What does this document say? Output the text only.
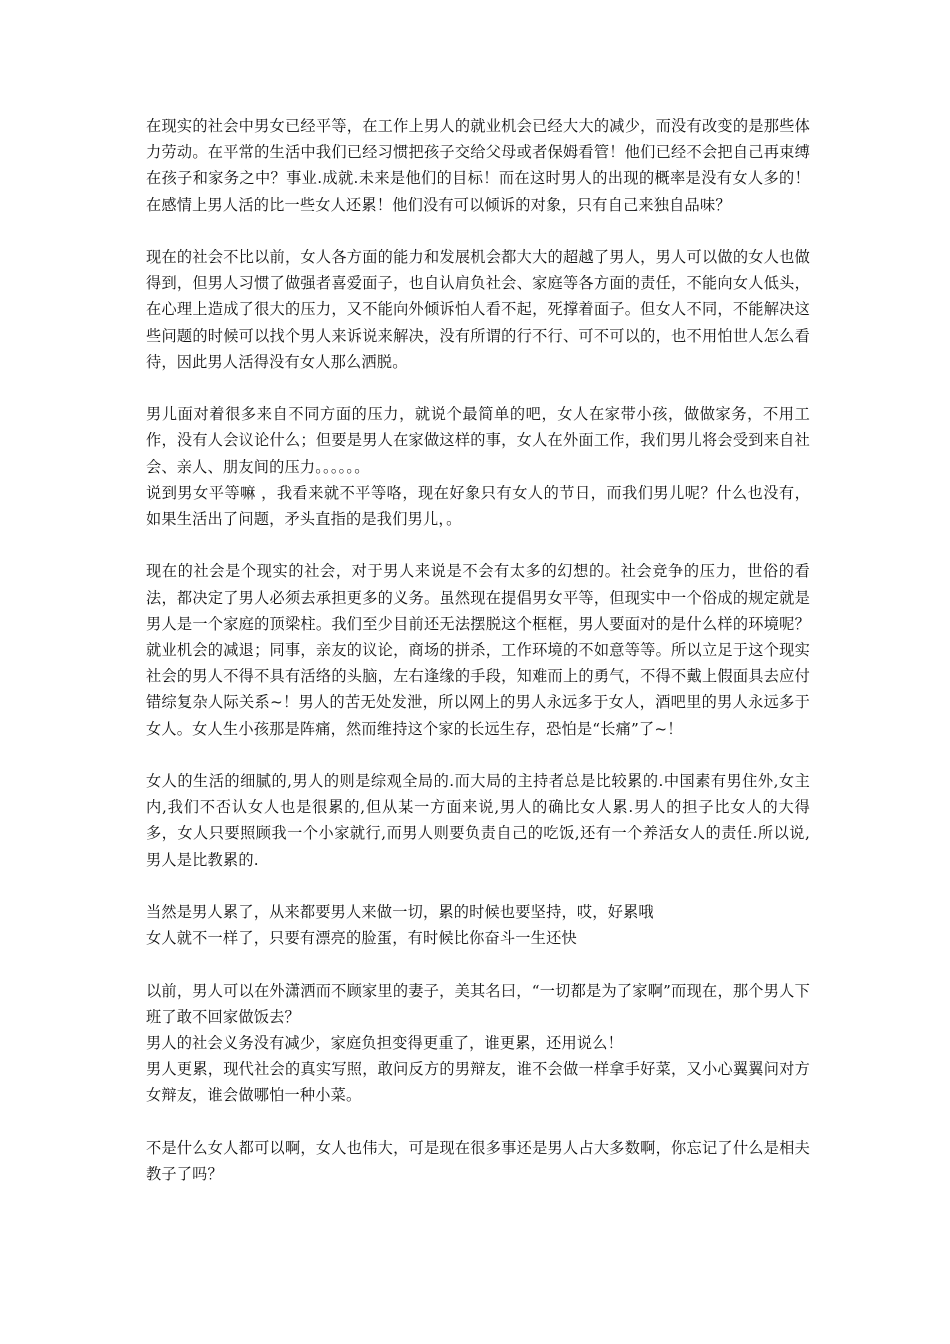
在现实的社会中男女已经平等，在工作上男人的就业机会已经大大的减少，而没有改变的是那些体力劳动。在平常的生活中我们已经习惯把孩子交给父母或者保姆看管！他们已经不会把自己再束缚在孩子和家务之中？事业.成就.未来是他们的目标！而在这时男人的出现的概率是没有女人多的！在感情上男人活的比一些女人还累！他们没有可以倾诉的对象，只有自己来独自品味？
现在的社会不比以前，女人各方面的能力和发展机会都大大的超越了男人，男人可以做的女人也做得到，但男人习惯了做强者喜爱面子，也自认肩负社会、家庭等各方面的责任，不能向女人低头，在心理上造成了很大的压力，又不能向外倾诉怕人看不起，死撑着面子。但女人不同，不能解决这些问题的时候可以找个男人来诉说来解决，没有所谓的行不行、可不可以的，也不用怕世人怎么看待，因此男人活得没有女人那么洒脱。
男儿面对着很多来自不同方面的压力，就说个最简单的吧，女人在家带小孩，做做家务，不用工作，没有人会议论什么；但要是男人在家做这样的事，女人在外面工作，我们男儿将会受到来自社会、亲人、朋友间的压力。。。。。。
说到男女平等嘛 ，我看来就不平等咯，现在好象只有女人的节日，而我们男儿呢？什么也没有，如果生活出了问题，矛头直指的是我们男儿，。
现在的社会是个现实的社会，对于男人来说是不会有太多的幻想的。社会竞争的压力，世俗的看法，都决定了男人必须去承担更多的义务。虽然现在提倡男女平等，但现实中一个俗成的规定就是男人是一个家庭的顶梁柱。我们至少目前还无法摆脱这个框框，男人要面对的是什么样的环境呢？就业机会的减退；同事，亲友的议论，商场的拼杀，工作环境的不如意等等。所以立足于这个现实社会的男人不得不具有活络的头脑，左右逢缘的手段，知难而上的勇气，不得不戴上假面具去应付错综复杂人际关系~！男人的苦无处发泄，所以网上的男人永远多于女人，酒吧里的男人永远多于女人。女人生小孩那是阵痛，然而维持这个家的长远生存，恐怕是“长痛”了~！
女人的生活的细腻的,男人的则是综观全局的.而大局的主持者总是比较累的.中国素有男住外,女主内,我们不否认女人也是很累的,但从某一方面来说,男人的确比女人累.男人的担子比女人的大得多，女人只要照顾我一个小家就行,而男人则要负责自己的吃饭,还有一个养活女人的责任.所以说,男人是比教累的.
当然是男人累了，从来都要男人来做一切，累的时候也要坚持，哎，好累哦
女人就不一样了，只要有漂亮的脸蛋，有时候比你奋斗一生还快
以前，男人可以在外潇洒而不顾家里的妻子，美其名曰，“一切都是为了家啊”而现在，那个男人下班了敢不回家做饭去？
男人的社会义务没有减少，家庭负担变得更重了，谁更累，还用说么！
男人更累，现代社会的真实写照，敢问反方的男辩友，谁不会做一样拿手好菜，又小心翼翼问对方女辩友，谁会做哪怕一种小菜。
不是什么女人都可以啊，女人也伟大，可是现在很多事还是男人占大多数啊，你忘记了什么是相夫教子了吗？
